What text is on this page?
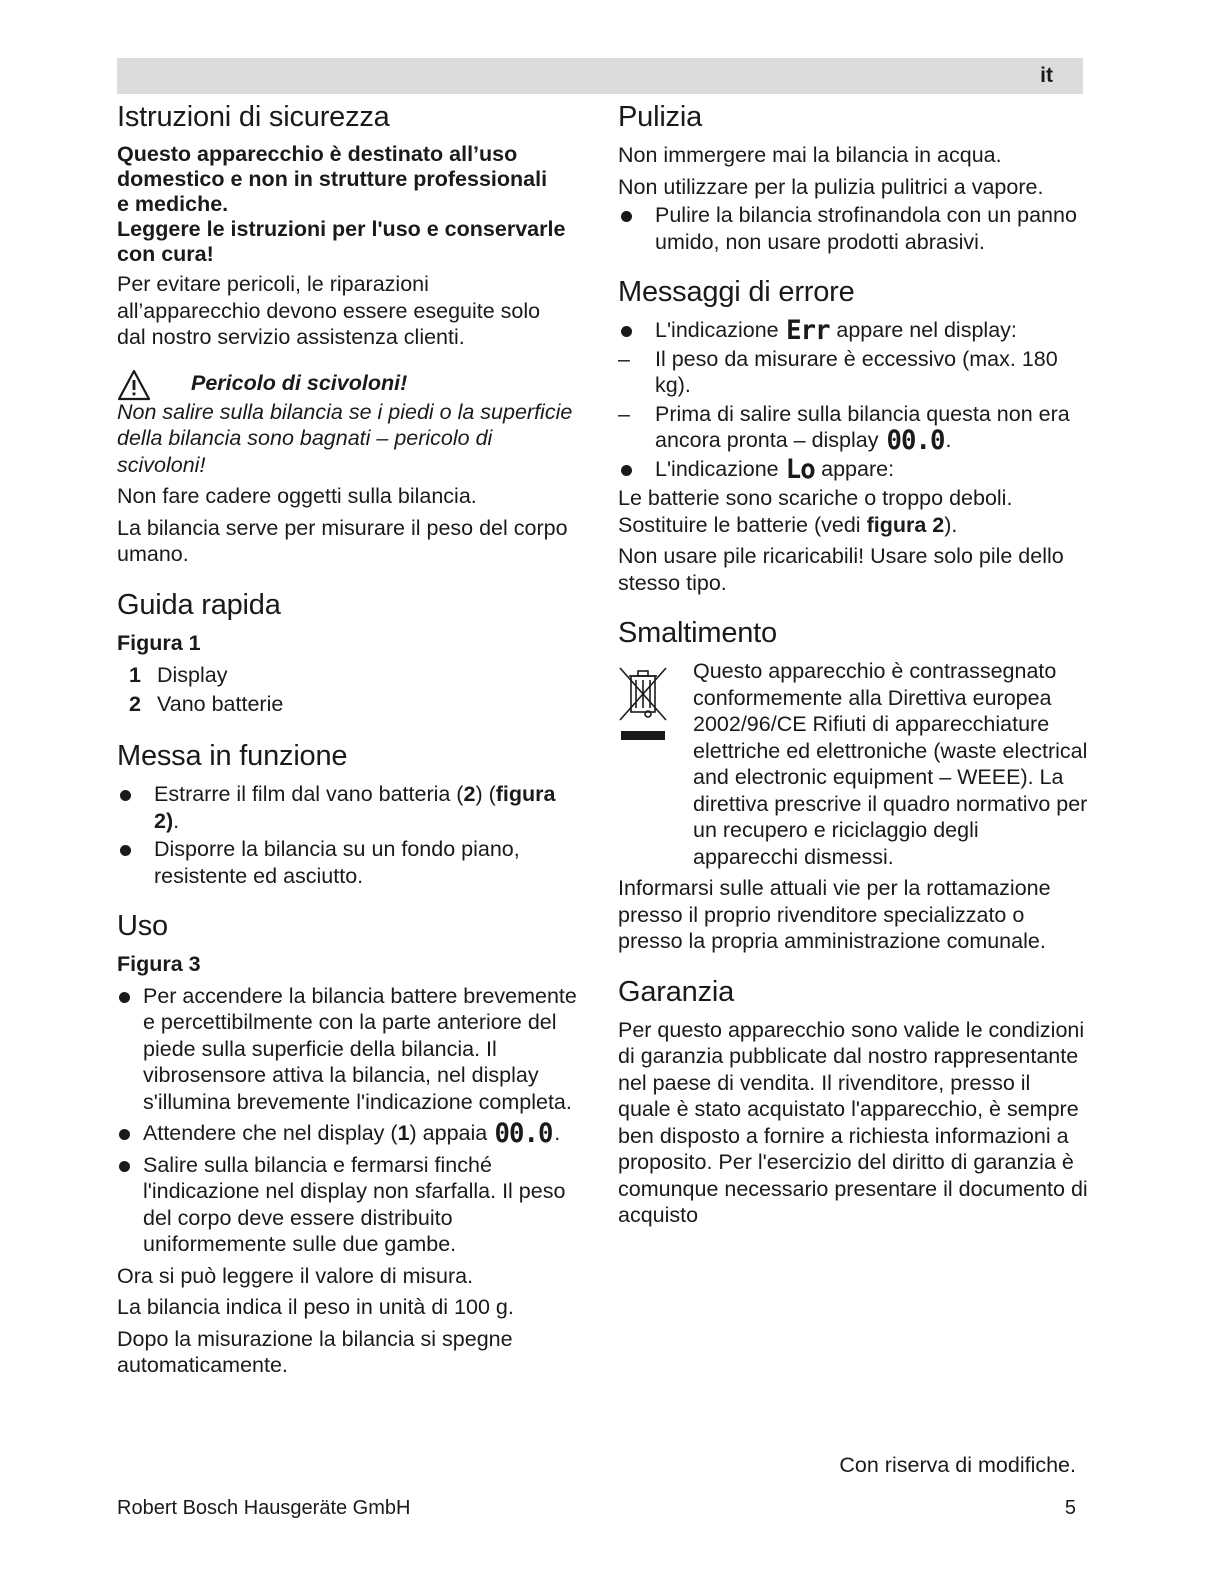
it
Istruzioni di sicurezza

Questo apparecchio è destinato all’uso domestico e non in strutture professionali e mediche.

Leggere le istruzioni per l'uso e conservarle con cura!

Per evitare pericoli, le riparazioni all’apparecchio devono essere eseguite solo dal nostro servizio assistenza clienti.

Pericolo di scivoloni!

Non salire sulla bilancia se i piedi o la superficie della bilancia sono bagnati – pericolo di scivoloni!

Non fare cadere oggetti sulla bilancia.

La bilancia serve per misurare il peso del corpo umano.

Guida rapida

Figura 1

1 Display
2 Vano batterie
Messa in funzione
Estrarre il film dal vano batteria (2) (figura 2).
Disporre la bilancia su un fondo piano, resistente ed asciutto.
Uso

Figura 3

Per accendere la bilancia battere brevemente e percettibilmente con la parte anteriore del piede sulla superficie della bilancia. Il vibrosensore attiva la bilancia, nel display s'illumina brevemente l'indicazione completa.
Attendere che nel display (1) appaia 00.0.
Salire sulla bilancia e fermarsi finché l'indicazione nel display non sfarfalla. Il peso del corpo deve essere distribuito uniformemente sulle due gambe.

Ora si può leggere il valore di misura.

La bilancia indica il peso in unità di 100 g.

Dopo la misurazione la bilancia si spegne automaticamente.

Pulizia

Non immergere mai la bilancia in acqua.

Non utilizzare per la pulizia pulitrici a vapore.

Pulire la bilancia strofinandola con un panno umido, non usare prodotti abrasivi.
Messaggi di errore
L'indicazione Err appare nel display:
– Il peso da misurare è eccessivo (max. 180 kg).
– Prima di salire sulla bilancia questa non era ancora pronta – display 00.0.
L'indicazione Lo appare:

Le batterie sono scariche o troppo deboli. Sostituire le batterie (vedi figura 2).

Non usare pile ricaricabili! Usare solo pile dello stesso tipo.

Smaltimento

Questo apparecchio è contrassegnato conformemente alla Direttiva europea 2002/96/CE Rifiuti di apparecchiature elettriche ed elettroniche (waste electrical and electronic equipment – WEEE). La direttiva prescrive il quadro normativo per un recupero e riciclaggio degli apparecchi dismessi.

Informarsi sulle attuali vie per la rottamazione presso il proprio rivenditore specializzato o presso la propria amministrazione comunale.

Garanzia

Per questo apparecchio sono valide le condizioni di garanzia pubblicate dal nostro rappresentante nel paese di vendita. Il rivenditore, presso il quale è stato acquistato l'apparecchio, è sempre ben disposto a fornire a richiesta informazioni a proposito. Per l'esercizio del diritto di garanzia è comunque necessario presentare il documento di acquisto

Con riserva di modifiche.
Robert Bosch Hausgeräte GmbH	5
